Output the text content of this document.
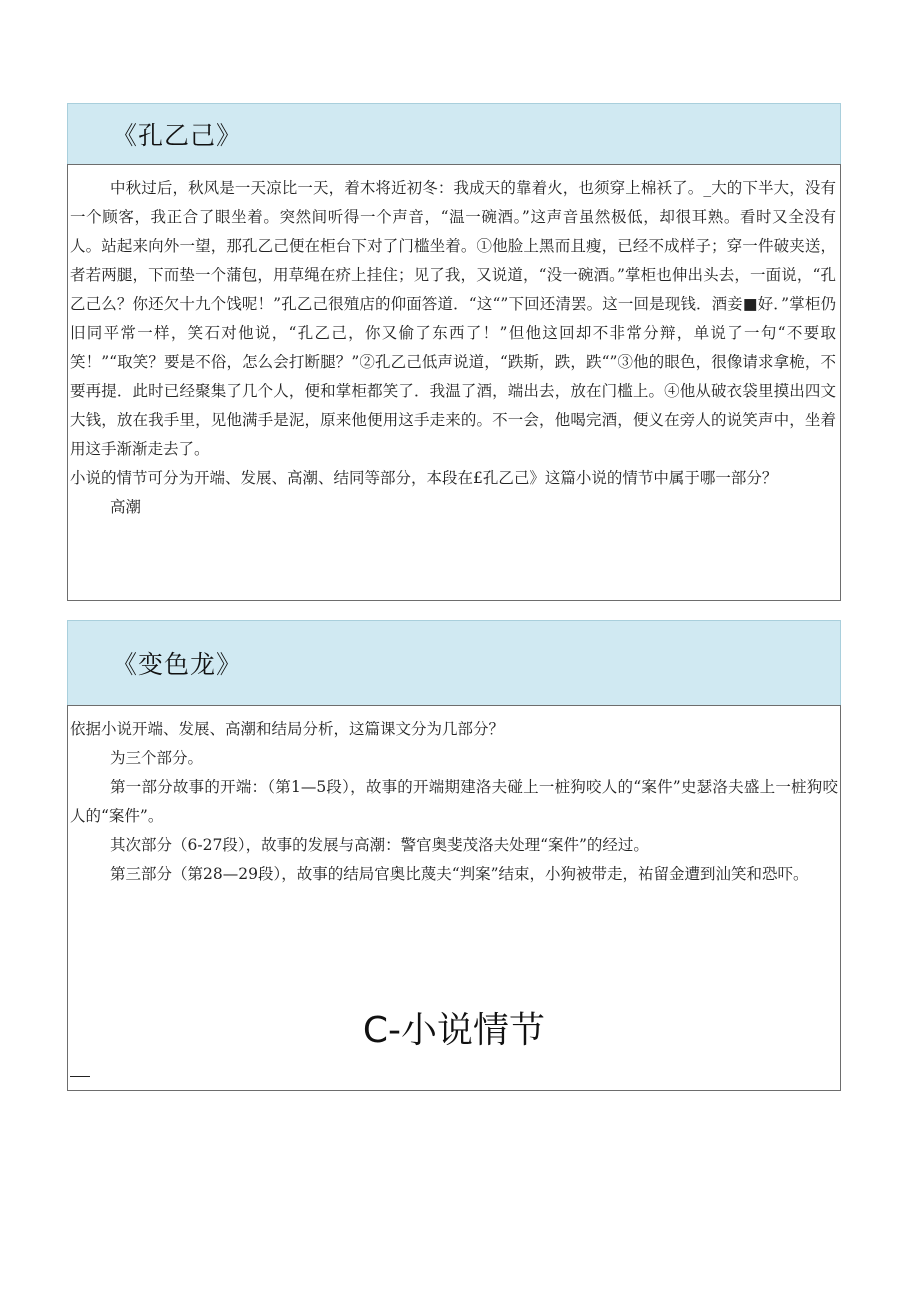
《孔乙己》

中秋过后，秋风是一天凉比一天，着木将近初冬：我成天的靠着火，也须穿上棉袄了。_大的下半大，没有一个顾客，我正合了眼坐着。突然间听得一个声音，“温一碗酒。”这声音虽然极低，却很耳熟。看时又全没有人。站起来向外一望，那孔乙己便在柜台下对了门槛坐着。①他脸上黑而且瘦，已经不成样子；穿一件破夹送，者若两腿，下而垫一个蒲包，用草绳在疥上挂住；见了我，又说道，“没一碗酒。”掌柜也伸出头去，一面说，“孔乙己么？你还欠十九个饯呢！”孔乙己很殖店的仰面答道．“这“”下回还清罢。这一回是现钱．酒妾■好．”掌柜仍旧同平常一样，笑石对他说，“孔乙己，你又偷了东西了！”但他这回却不非常分辩，单说了一句“不要取笑！”“取笑？要是不俗，怎么会打断腿？”②孔乙己低声说道，“跌斯，跌，跌“”③他的眼色，很像请求拿桅，不要再提．此时已经聚集了几个人，便和掌柜都笑了．我温了酒，端出去，放在门槛上。④他从破衣袋里摸出四文大钱，放在我手里，见他满手是泥，原来他便用这手走来的。不一会，他喝完酒，便义在旁人的说笑声中，坐着用这手渐渐走去了。

小说的情节可分为开端、发展、高潮、结同等部分，本段在£孔乙己》这篇小说的情节中属于哪一部分？

高潮

《变色龙》

依据小说开端、发展、高潮和结局分析，这篇课文分为几部分？

为三个部分。

第一部分故事的开端：（第1—5段），故事的开端期建洛夫碰上一桩狗咬人的“案件”史瑟洛夫盛上一桩狗咬人的“案件”。

其次部分（6-27段），故事的发展与高潮：警官奥斐茂洛夫处理“案件”的经过。

第三部分（第28—29段），故事的结局官奥比蔑夫“判案”结束，小狗被带走，祐留金遭到汕笑和恐吓。

C-小说情节
